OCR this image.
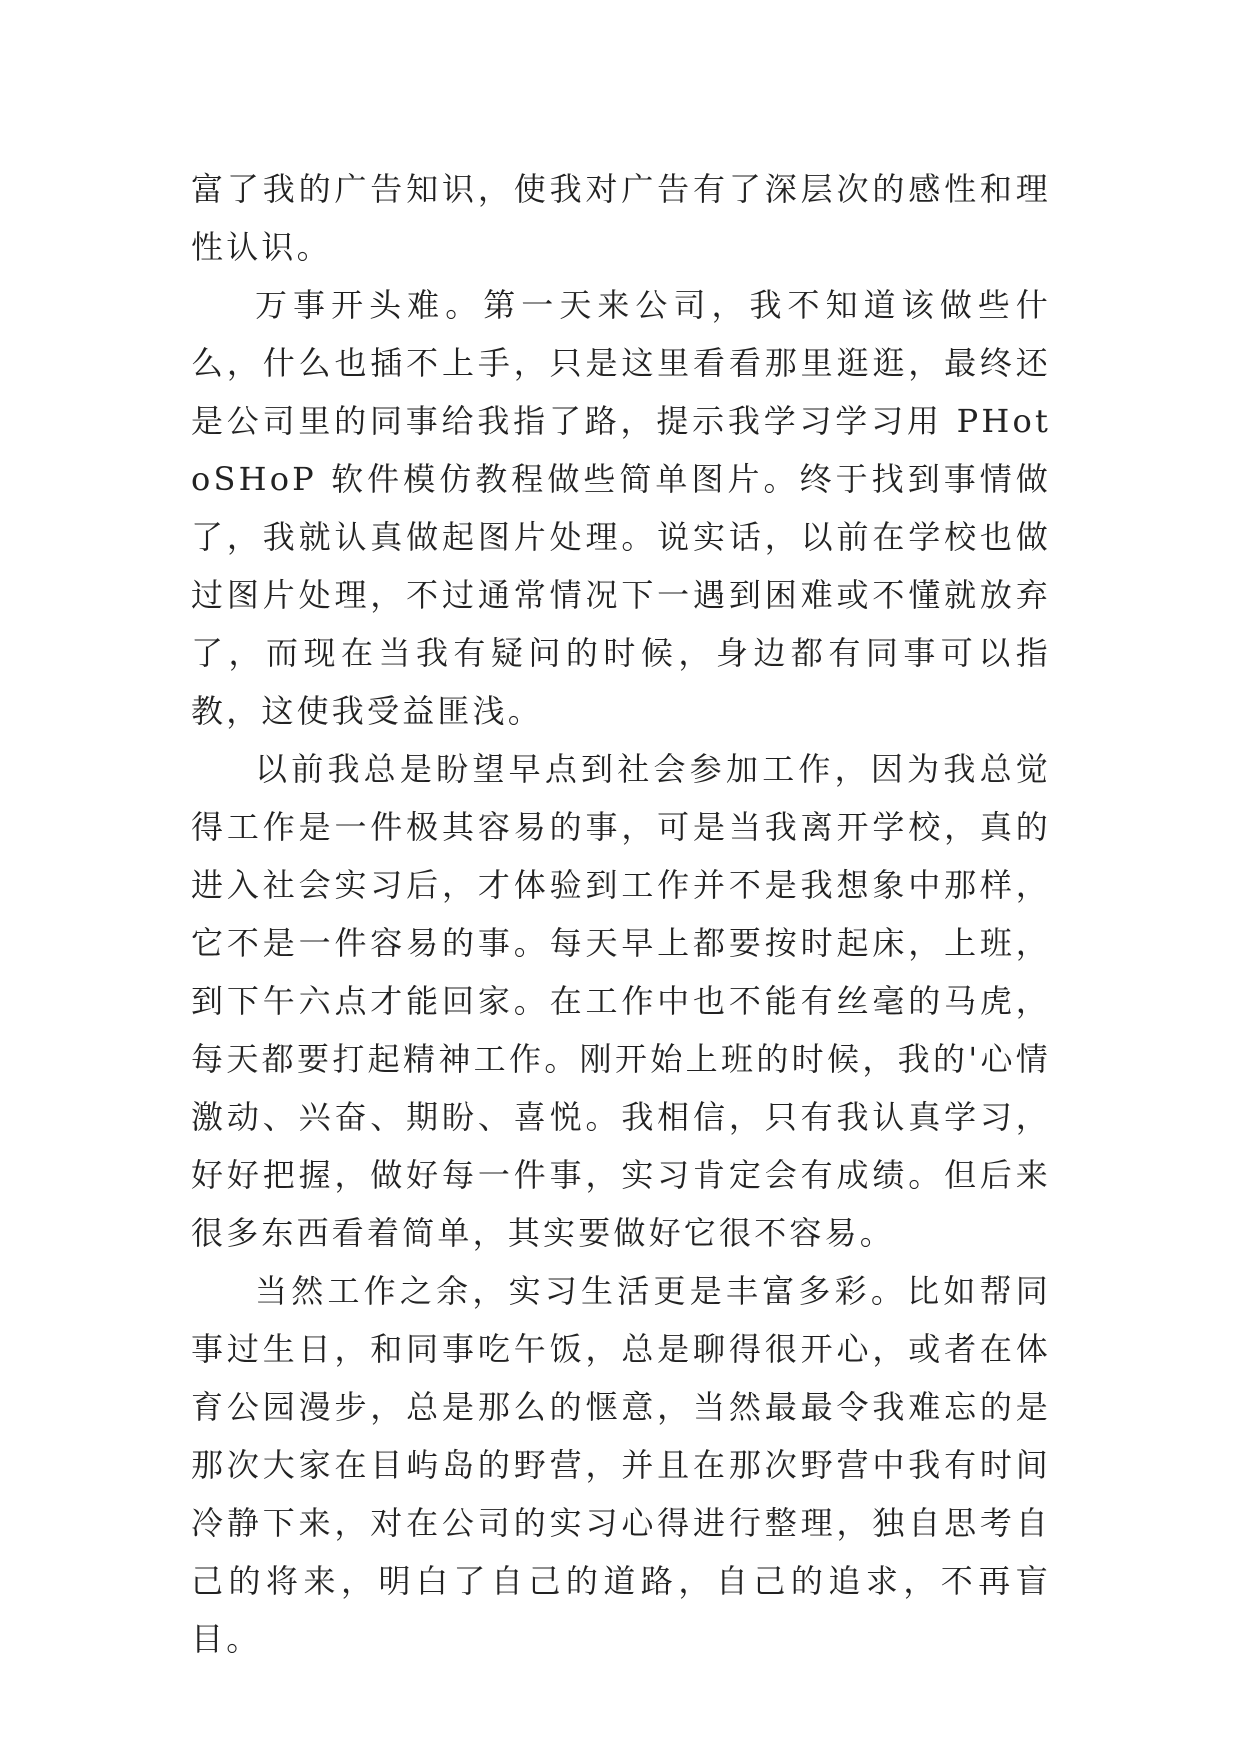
富了我的广告知识，使我对广告有了深层次的感性和理性认识。

万事开头难。第一天来公司，我不知道该做些什么，什么也插不上手，只是这里看看那里逛逛，最终还是公司里的同事给我指了路，提示我学习学习用 PHotoSHoP 软件模仿教程做些简单图片。终于找到事情做了，我就认真做起图片处理。说实话，以前在学校也做过图片处理，不过通常情况下一遇到困难或不懂就放弃了，而现在当我有疑问的时候，身边都有同事可以指教，这使我受益匪浅。

以前我总是盼望早点到社会参加工作，因为我总觉得工作是一件极其容易的事，可是当我离开学校，真的进入社会实习后，才体验到工作并不是我想象中那样，它不是一件容易的事。每天早上都要按时起床，上班，到下午六点才能回家。在工作中也不能有丝毫的马虎，每天都要打起精神工作。刚开始上班的时候，我的'心情激动、兴奋、期盼、喜悦。我相信，只有我认真学习，好好把握，做好每一件事，实习肯定会有成绩。但后来很多东西看着简单，其实要做好它很不容易。

当然工作之余，实习生活更是丰富多彩。比如帮同事过生日，和同事吃午饭，总是聊得很开心，或者在体育公园漫步，总是那么的惬意，当然最最令我难忘的是那次大家在目屿岛的野营，并且在那次野营中我有时间冷静下来，对在公司的实习心得进行整理，独自思考自己的将来，明白了自己的道路，自己的追求，不再盲目。
